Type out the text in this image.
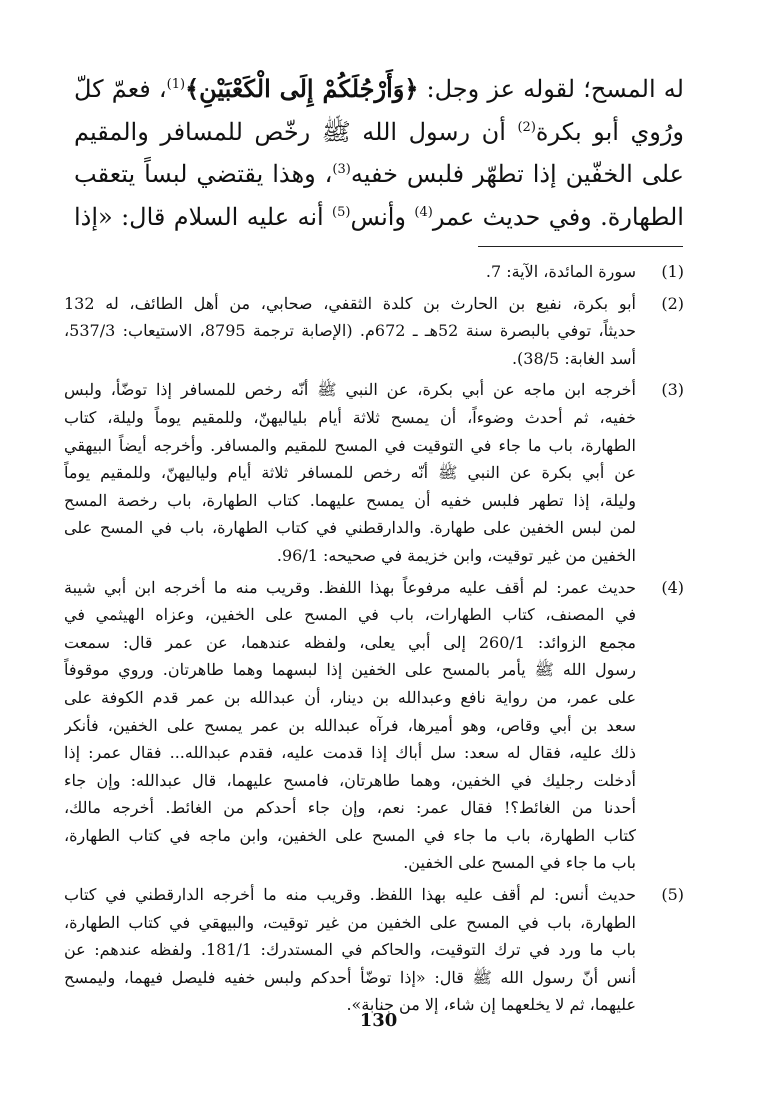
له المسح؛ لقوله عز وجل: ﴿وَأَرْجُلَكُمْ إِلَى الْكَعْبَيْنِ﴾$^{(1)}$، فعمّ كلّ
ورُوي أبو بكرة$^{(2)}$ أن رسول الله ﷺ رخّص للمسافر والمقيم
على الخفّين إذا تطهّر فلبس خفيه$^{(3)}$، وهذا يقتضي لبساً يتعقب
الطهارة. وفي حديث عمر$^{(4)}$ وأنس$^{(5)}$ أنه عليه السلام قال: «إذا
(1)
سورة المائدة، الآية: 7.
(2)
أبو بكرة، نفيع بن الحارث بن كلدة الثقفي، صحابي، من أهل الطائف، له 132
حديثاً، توفي بالبصرة سنة 52هـ ـ 672م. (الإصابة ترجمة 8795، الاستيعاب: 537/3،
أسد الغابة: 38/5).
(3)
أخرجه ابن ماجه عن أبي بكرة، عن النبي ﷺ أنّه رخص للمسافر إذا توضّأ، ولبس
خفيه، ثم أحدث وضوءاً، أن يمسح ثلاثة أيام بلياليهنّ، وللمقيم يوماً وليلة، كتاب
الطهارة، باب ما جاء في التوقيت في المسح للمقيم والمسافر. وأخرجه أيضاً البيهقي
عن أبي بكرة عن النبي ﷺ أنّه رخص للمسافر ثلاثة أيام ولياليهنّ، وللمقيم يوماً
وليلة، إذا تطهر فلبس خفيه أن يمسح عليهما. كتاب الطهارة، باب رخصة المسح
لمن لبس الخفين على طهارة. والدارقطني في كتاب الطهارة، باب في المسح على
الخفين من غير توقيت، وابن خزيمة في صحيحه: 96/1.
(4)
حديث عمر: لم أقف عليه مرفوعاً بهذا اللفظ. وقريب منه ما أخرجه ابن أبي شيبة
في المصنف، كتاب الطهارات، باب في المسح على الخفين، وعزاه الهيثمي في
مجمع الزوائد: 260/1 إلى أبي يعلى، ولفظه عندهما، عن عمر قال: سمعت
رسول الله ﷺ يأمر بالمسح على الخفين إذا لبسهما وهما طاهرتان. وروي موقوفاً
على عمر، من رواية نافع وعبدالله بن دينار، أن عبدالله بن عمر قدم الكوفة على
سعد بن أبي وقاص، وهو أميرها، فرآه عبدالله بن عمر يمسح على الخفين، فأنكر
ذلك عليه، فقال له سعد: سل أباك إذا قدمت عليه، فقدم عبدالله... فقال عمر: إذا
أدخلت رجليك في الخفين، وهما طاهرتان، فامسح عليهما، قال عبدالله: وإن جاء
أحدنا من الغائط؟! فقال عمر: نعم، وإن جاء أحدكم من الغائط. أخرجه مالك،
كتاب الطهارة، باب ما جاء في المسح على الخفين، وابن ماجه في كتاب الطهارة،
باب ما جاء في المسح على الخفين.
(5)
حديث أنس: لم أقف عليه بهذا اللفظ. وقريب منه ما أخرجه الدارقطني في كتاب
الطهارة، باب في المسح على الخفين من غير توقيت، والبيهقي في كتاب الطهارة،
باب ما ورد في ترك التوقيت، والحاكم في المستدرك: 181/1. ولفظه عندهم: عن
أنس أنّ رسول الله ﷺ قال: «إذا توضّأ أحدكم ولبس خفيه فليصل فيهما، وليمسح
عليهما، ثم لا يخلعهما إن شاء، إلا من جنابة».
130
